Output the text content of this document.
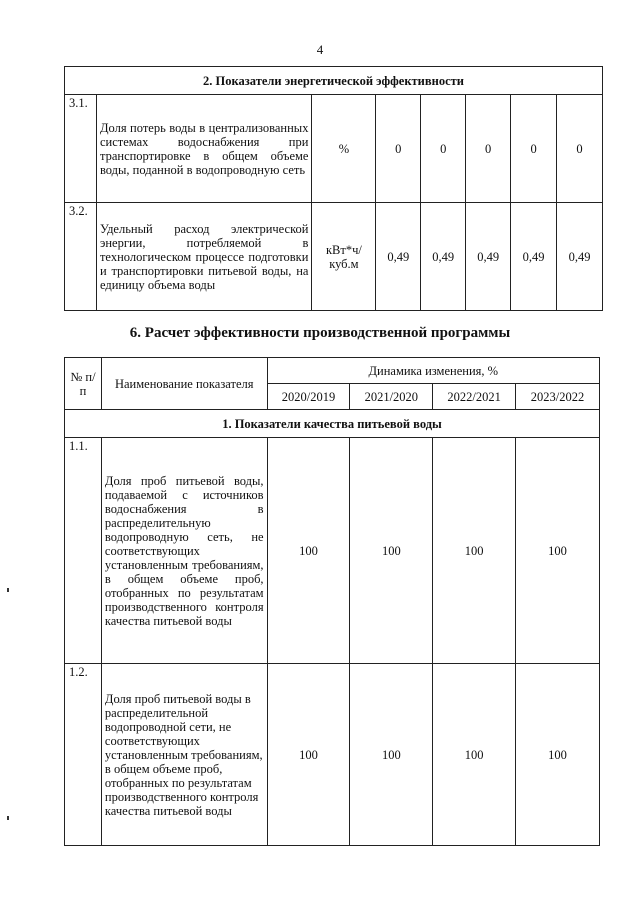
4
2. Показатели энергетической эффективности							
3.1.	Доля потерь воды в централизованных системах водоснабжения при транспортировке в общем объеме воды, поданной в водопроводную сеть	%	0	0	0	0	0
3.2.	Удельный расход электрической энергии, потребляемой в технологическом процессе подготовки и транспортировки питьевой воды, на единицу объема воды	кВт*ч/ куб.м	0,49	0,49	0,49	0,49	0,49
6. Расчет эффективности производственной программы
№ п/п	Наименование показателя	Динамика изменения, %			
		2020/2019	2021/2020	2022/2021	2023/2022
1. Показатели качества питьевой воды					
1.1.	Доля проб питьевой воды, подаваемой с источников водоснабжения в распределительную водопроводную сеть, не соответствующих установленным требованиям, в общем объеме проб, отобранных по результатам производственного контроля качества питьевой воды	100	100	100	100
1.2.	Доля проб питьевой воды в распределительной водопроводной сети, не соответствующих установленным требованиям, в общем объеме проб, отобранных по результатам производственного контроля качества питьевой воды	100	100	100	100
